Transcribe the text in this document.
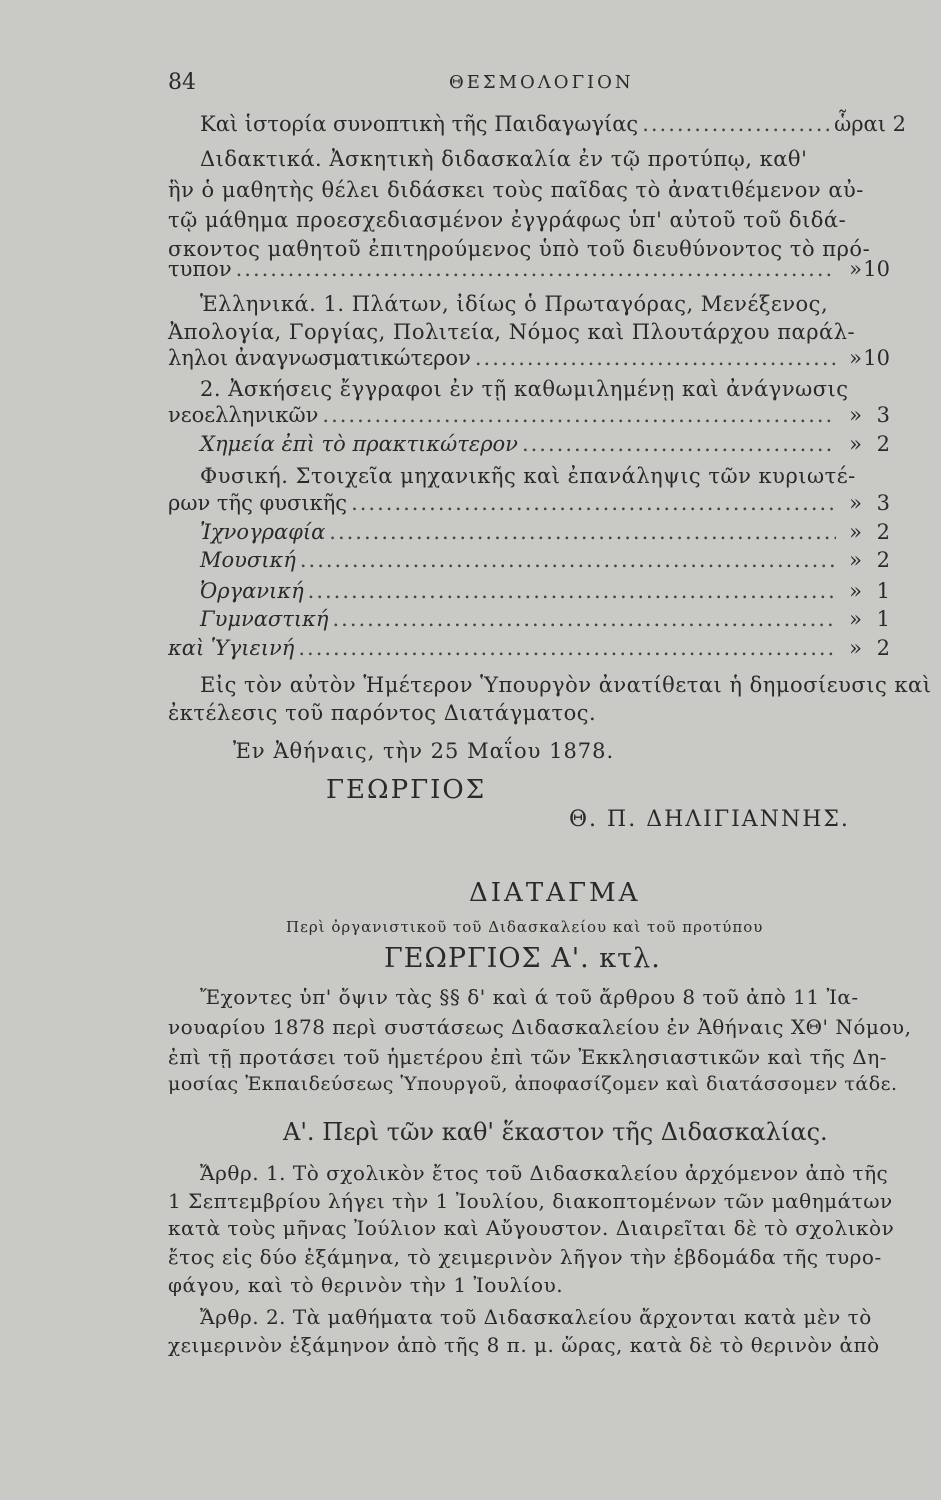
84	ΘΕΣΜΟΛΟΓΙΟΝ
Καὶ ἱστορία συνοπτικὴ τῆς Παιδαγωγίας .....	ὧραι 2
Διδακτικά. Ἀσκητικὴ διδασκαλία ἐν τῷ προτύπῳ, καθ'
ἣν ὁ μαθητὴς θέλει διδάσκει τοὺς παῖδας τὸ ἀνατιθέμενον αὐ-
τῷ μάθημα προεσχεδιασμένον ἐγγράφως ὑπ' αὐτοῦ τοῦ διδά-
σκοντος μαθητοῦ ἐπιτηρούμενος ὑπὸ τοῦ διευθύνοντος τὸ πρό-
τυπον .....	» 10
Ἑλληνικά. 1. Πλάτων, ἰδίως ὁ Πρωταγόρας, Μενέξενος,
Ἀπολογία, Γοργίας, Πολιτεία, Νόμος καὶ Πλουτάρχου παράλ-
ληλοι ἀναγνωσματικώτερον .....	» 10
2. Ἀσκήσεις ἔγγραφοι ἐν τῇ καθωμιλημένῃ καὶ ἀνάγνωσις
νεοελληνικῶν .....	» 3
Χημεία ἐπὶ τὸ πρακτικώτερον .....	» 2
Φυσική. Στοιχεῖα μηχανικῆς καὶ ἐπανάληψις τῶν κυριωτέ-
ρων τῆς φυσικῆς .....	» 3
Ἰχνογραφία .....	» 2
Μουσική .....	» 2
Ὀργανική .....	» 1
Γυμναστική .....	» 1
καὶ Ὑγιεινή .....	» 2
Εἰς τὸν αὐτὸν Ἡμέτερον Ὑπουργὸν ἀνατίθεται ἡ δημοσίευσις καὶ
ἐκτέλεσις τοῦ παρόντος Διατάγματος.
Ἐν Ἀθήναις, τὴν 25 Μαΐου 1878.
ΓΕΩΡΓΙΟΣ
Θ. Π. ΔΗΛΙΓΙΑΝΝΗΣ.
ΔΙΑΤΑΓΜΑ
Περὶ ὀργανιστικοῦ τοῦ Διδασκαλείου καὶ τοῦ προτύπου
ΓΕΩΡΓΙΟΣ Α'. κτλ.
Ἔχοντες ὑπ' ὄψιν τὰς §§ δ' καὶ ά τοῦ ἄρθρου 8 τοῦ ἀπὸ 11 Ἰα-
νουαρίου 1878 περὶ συστάσεως Διδασκαλείου ἐν Ἀθήναις ΧΘ' Νόμου,
ἐπὶ τῇ προτάσει τοῦ ἡμετέρου ἐπὶ τῶν Ἐκκλησιαστικῶν καὶ τῆς Δη-
μοσίας Ἐκπαιδεύσεως Ὑπουργοῦ, ἀποφασίζομεν καὶ διατάσσομεν τάδε.
Α'. Περὶ τῶν καθ' ἕκαστον τῆς Διδασκαλίας.
Ἄρθρ. 1. Τὸ σχολικὸν ἔτος τοῦ Διδασκαλείου ἀρχόμενον ἀπὸ τῆς
1 Σεπτεμβρίου λήγει τὴν 1 Ἰουλίου, διακοπτομένων τῶν μαθημάτων
κατὰ τοὺς μῆνας Ἰούλιον καὶ Αὔγουστον. Διαιρεῖται δὲ τὸ σχολικὸν
ἔτος εἰς δύο ἑξάμηνα, τὸ χειμερινὸν λῆγον τὴν ἑβδομάδα τῆς τυρο-
φάγου, καὶ τὸ θερινὸν τὴν 1 Ἰουλίου.
Ἄρθρ. 2. Τὰ μαθήματα τοῦ Διδασκαλείου ἄρχονται κατὰ μὲν τὸ
χειμερινὸν ἑξάμηνον ἀπὸ τῆς 8 π. μ. ὥρας, κατὰ δὲ τὸ θερινὸν ἀπὸ
